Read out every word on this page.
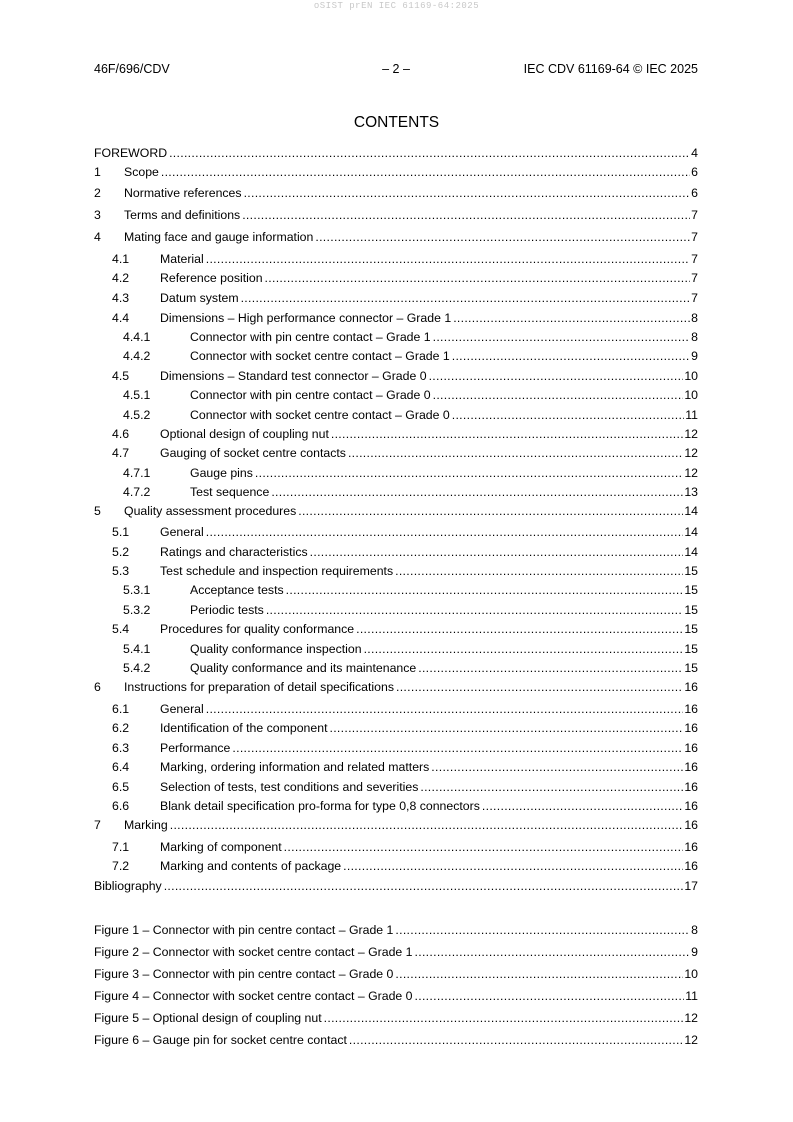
oSIST prEN IEC 61169-64:2025
46F/696/CDV	– 2 –	IEC CDV 61169-64 © IEC 2025
CONTENTS
FOREWORD .....	4
1	Scope .....	6
2	Normative references .....	6
3	Terms and definitions .....	7
4	Mating face and gauge information .....	7
4.1	Material .....	7
4.2	Reference position .....	7
4.3	Datum system .....	7
4.4	Dimensions – High performance connector – Grade 1 .....	8
4.4.1	Connector with pin centre contact – Grade 1 .....	8
4.4.2	Connector with socket centre contact – Grade 1 .....	9
4.5	Dimensions – Standard test connector – Grade 0 .....	10
4.5.1	Connector with pin centre contact – Grade 0 .....	10
4.5.2	Connector with socket centre contact – Grade 0 .....	11
4.6	Optional design of coupling nut .....	12
4.7	Gauging of socket centre contacts .....	12
4.7.1	Gauge pins .....	12
4.7.2	Test sequence .....	13
5	Quality assessment procedures .....	14
5.1	General .....	14
5.2	Ratings and characteristics .....	14
5.3	Test schedule and inspection requirements .....	15
5.3.1	Acceptance tests .....	15
5.3.2	Periodic tests .....	15
5.4	Procedures for quality conformance .....	15
5.4.1	Quality conformance inspection .....	15
5.4.2	Quality conformance and its maintenance .....	15
6	Instructions for preparation of detail specifications .....	16
6.1	General .....	16
6.2	Identification of the component .....	16
6.3	Performance .....	16
6.4	Marking, ordering information and related matters .....	16
6.5	Selection of tests, test conditions and severities .....	16
6.6	Blank detail specification pro-forma for type 0,8 connectors .....	16
7	Marking .....	16
7.1	Marking of component .....	16
7.2	Marking and contents of package .....	16
Bibliography .....	17
Figure 1 – Connector with pin centre contact – Grade 1 .....	8
Figure 2 – Connector with socket centre contact – Grade 1 .....	9
Figure 3 – Connector with pin centre contact – Grade 0 .....	10
Figure 4 – Connector with socket centre contact – Grade 0 .....	11
Figure 5 – Optional design of coupling nut .....	12
Figure 6 – Gauge pin for socket centre contact .....	12
